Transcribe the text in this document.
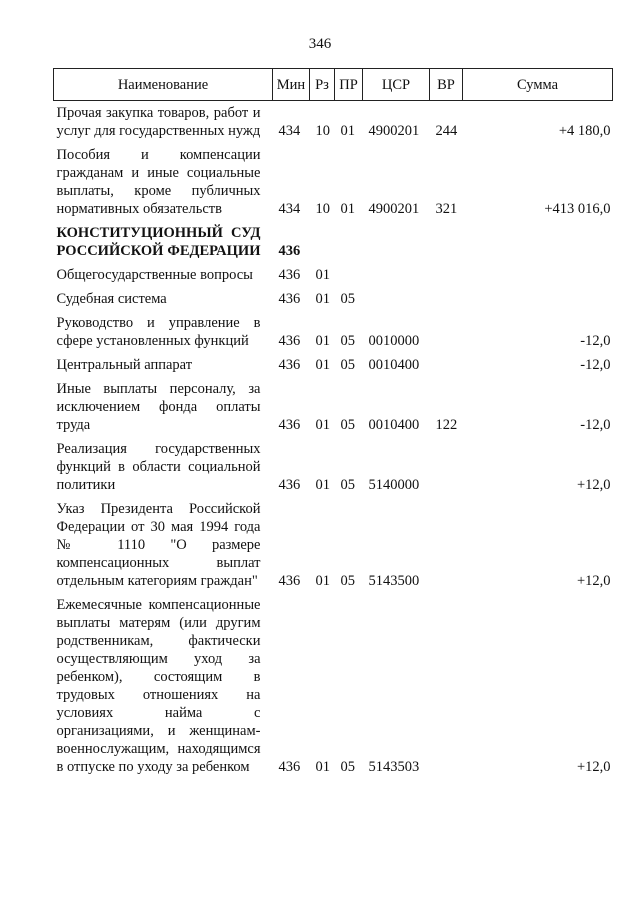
346
Наименование	Мин	Рз	ПР	ЦСР	ВР	Сумма
Прочая закупка товаров, работ и услуг для государственных нужд	434	10	01	4900201	244	+4 180,0
Пособия и компенсации гражданам и иные социальные выплаты, кроме публичных нормативных обязательств	434	10	01	4900201	321	+413 016,0
КОНСТИТУЦИОННЫЙ СУД РОССИЙСКОЙ ФЕДЕРАЦИИ	436					
Общегосударственные вопросы	436	01				
Судебная система	436	01	05			
Руководство и управление в сфере установленных функций	436	01	05	0010000		-12,0
Центральный аппарат	436	01	05	0010400		-12,0
Иные выплаты персоналу, за исключением фонда оплаты труда	436	01	05	0010400	122	-12,0
Реализация государственных функций в области социальной политики	436	01	05	5140000		+12,0
Указ Президента Российской Федерации от 30 мая 1994 года № 1110 "О размере компенсационных выплат отдельным категориям граждан"	436	01	05	5143500		+12,0
Ежемесячные компенсационные выплаты матерям (или другим родственникам, фактически осуществляющим уход за ребенком), состоящим в трудовых отношениях на условиях найма с организациями, и женщинам-военнослужащим, находящимся в отпуске по уходу за ребенком	436	01	05	5143503		+12,0
